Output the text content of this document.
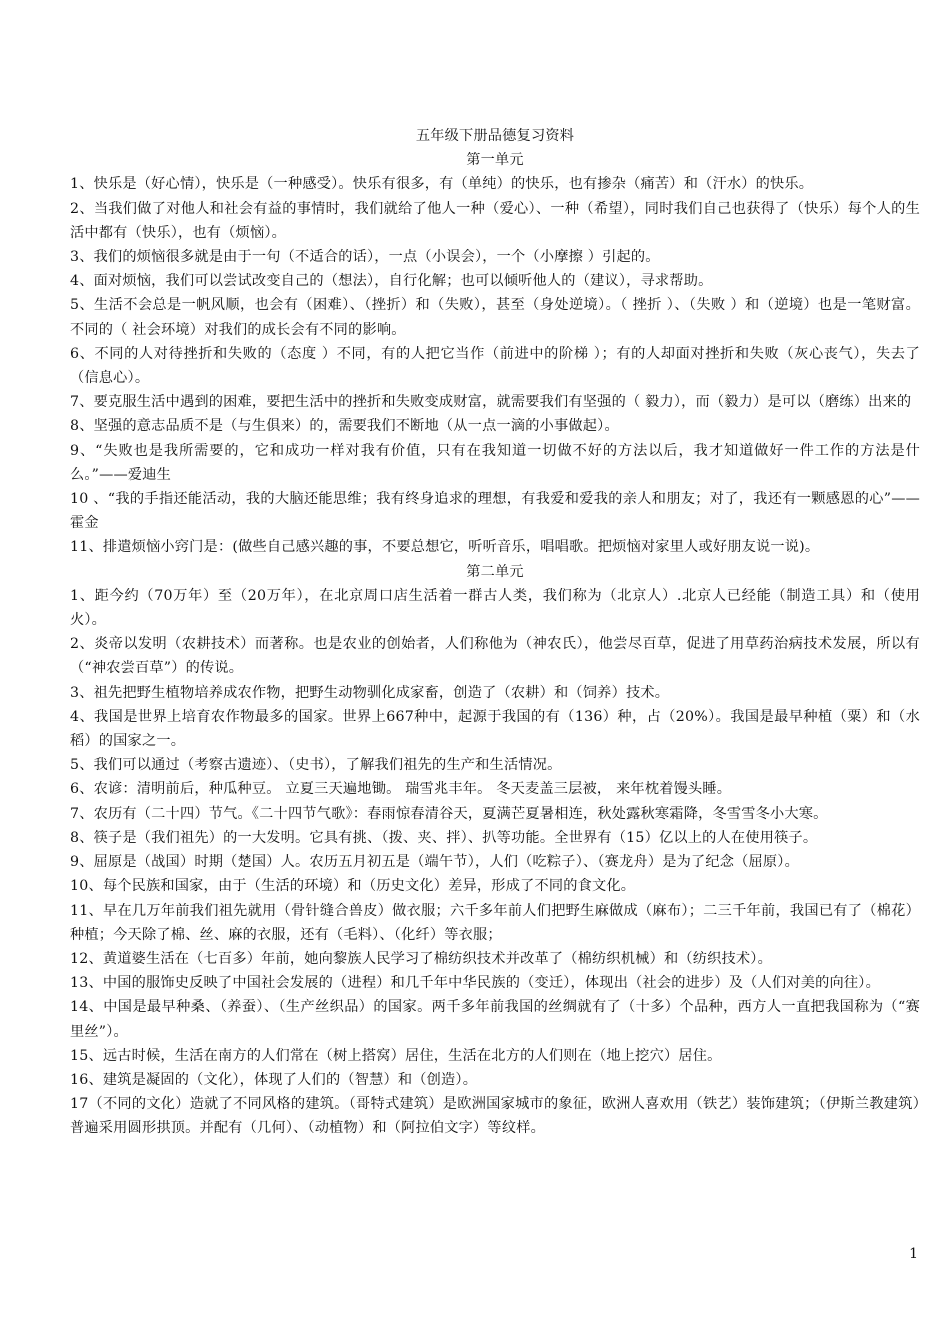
五年级下册品德复习资料

第一单元

1、快乐是（好心情），快乐是（一种感受）。快乐有很多，有（单纯）的快乐，也有掺杂（痛苦）和（汗水）的快乐。

2、当我们做了对他人和社会有益的事情时，我们就给了他人一种（爱心）、一种（希望），同时我们自己也获得了（快乐）每个人的生活中都有（快乐），也有（烦恼）。

3、我们的烦恼很多就是由于一句（不适合的话），一点（小误会），一个（小摩擦 ）引起的。

4、面对烦恼，我们可以尝试改变自己的（想法），自行化解；也可以倾听他人的（建议），寻求帮助。

5、生活不会总是一帆风顺，也会有（困难）、（挫折）和（失败），甚至（身处逆境）。（ 挫折 ）、（失败 ）和（逆境）也是一笔财富。不同的（ 社会环境）对我们的成长会有不同的影响。

6、不同的人对待挫折和失败的（态度 ）不同，有的人把它当作（前进中的阶梯 ）；有的人却面对挫折和失败（灰心丧气），失去了（信息心）。

7、要克服生活中遇到的困难，要把生活中的挫折和失败变成财富，就需要我们有坚强的（ 毅力），而（毅力）是可以（磨练）出来的

8、坚强的意志品质不是（与生俱来）的，需要我们不断地（从一点一滴的小事做起）。

9、“失败也是我所需要的，它和成功一样对我有价值，只有在我知道一切做不好的方法以后，我才知道做好一件工作的方法是什么。”——爱迪生

10 、“我的手指还能活动，我的大脑还能思维；我有终身追求的理想，有我爱和爱我的亲人和朋友；对了，我还有一颗感恩的心”——霍金

11、排遣烦恼小窍门是：(做些自己感兴趣的事，不要总想它，听听音乐，唱唱歌。把烦恼对家里人或好朋友说一说)。

第二单元

1、距今约（70万年）至（20万年），在北京周口店生活着一群古人类，我们称为（北京人）.北京人已经能（制造工具）和（使用火）。

2、炎帝以发明（农耕技术）而著称。也是农业的创始者，人们称他为（神农氏），他尝尽百草，促进了用草药治病技术发展，所以有（“神农尝百草”）的传说。

3、祖先把野生植物培养成农作物，把野生动物驯化成家畜，创造了（农耕）和（饲养）技术。

4、我国是世界上培育农作物最多的国家。世界上667种中，起源于我国的有（136）种，占（20%）。我国是最早种植（粟）和（水稻）的国家之一。

5、我们可以通过（考察古遗迹）、（史书），了解我们祖先的生产和生活情况。

6、农谚：清明前后，种瓜种豆。 立夏三天遍地锄。 瑞雪兆丰年。 冬天麦盖三层被， 来年枕着馒头睡。

7、农历有（二十四）节气。《二十四节气歌》：春雨惊春清谷天，夏满芒夏暑相连，秋处露秋寒霜降，冬雪雪冬小大寒。

8、筷子是（我们祖先）的一大发明。它具有挑、（拨、夹、拌）、扒等功能。全世界有（15）亿以上的人在使用筷子。

9、屈原是（战国）时期（楚国）人。农历五月初五是（端午节），人们（吃粽子）、（赛龙舟）是为了纪念（屈原）。

10、每个民族和国家，由于（生活的环境）和（历史文化）差异，形成了不同的食文化。

11、早在几万年前我们祖先就用（骨针缝合兽皮）做衣服；六千多年前人们把野生麻做成（麻布）；二三千年前，我国已有了（棉花）种植；今天除了棉、丝、麻的衣服，还有（毛料）、（化纤）等衣服；

12、黄道婆生活在（七百多）年前，她向黎族人民学习了棉纺织技术并改革了（棉纺织机械）和（纺织技术）。

13、中国的服饰史反映了中国社会发展的（进程）和几千年中华民族的（变迁），体现出（社会的进步）及（人们对美的向往）。

14、中国是最早种桑、（养蚕）、（生产丝织品）的国家。两千多年前我国的丝绸就有了（十多）个品种，西方人一直把我国称为（“赛里丝”）。

15、远古时候，生活在南方的人们常在（树上搭窝）居住，生活在北方的人们则在（地上挖穴）居住。

16、建筑是凝固的（文化），体现了人们的（智慧）和（创造）。

17（不同的文化）造就了不同风格的建筑。（哥特式建筑）是欧洲国家城市的象征，欧洲人喜欢用（铁艺）装饰建筑；（伊斯兰教建筑）普遍采用圆形拱顶。并配有（几何）、（动植物）和（阿拉伯文字）等纹样。

1
